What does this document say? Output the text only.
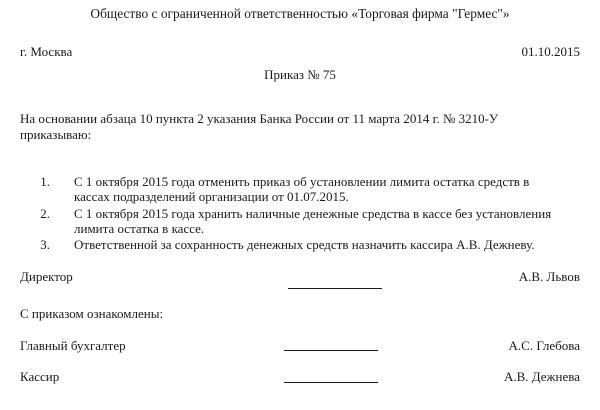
Общество с ограниченной ответственностью «Торговая фирма "Гермес"»
г. Москва	01.10.2015
Приказ № 75
На основании абзаца 10 пункта 2 указания Банка России от 11 марта 2014 г. № 3210-У
приказываю:
1. С 1 октября 2015 года отменить приказ об установлении лимита остатка средств в
кассах подразделений организации от 01.07.2015.
2. С 1 октября 2015 года хранить наличные денежные средства в кассе без установления
лимита остатка в кассе.
3. Ответственной за сохранность денежных средств назначить кассира А.В. Дежневу.
Директор	А.В. Львов
С приказом ознакомлены:
Главный бухгалтер	А.С. Глебова
Кассир	А.В. Дежнева
